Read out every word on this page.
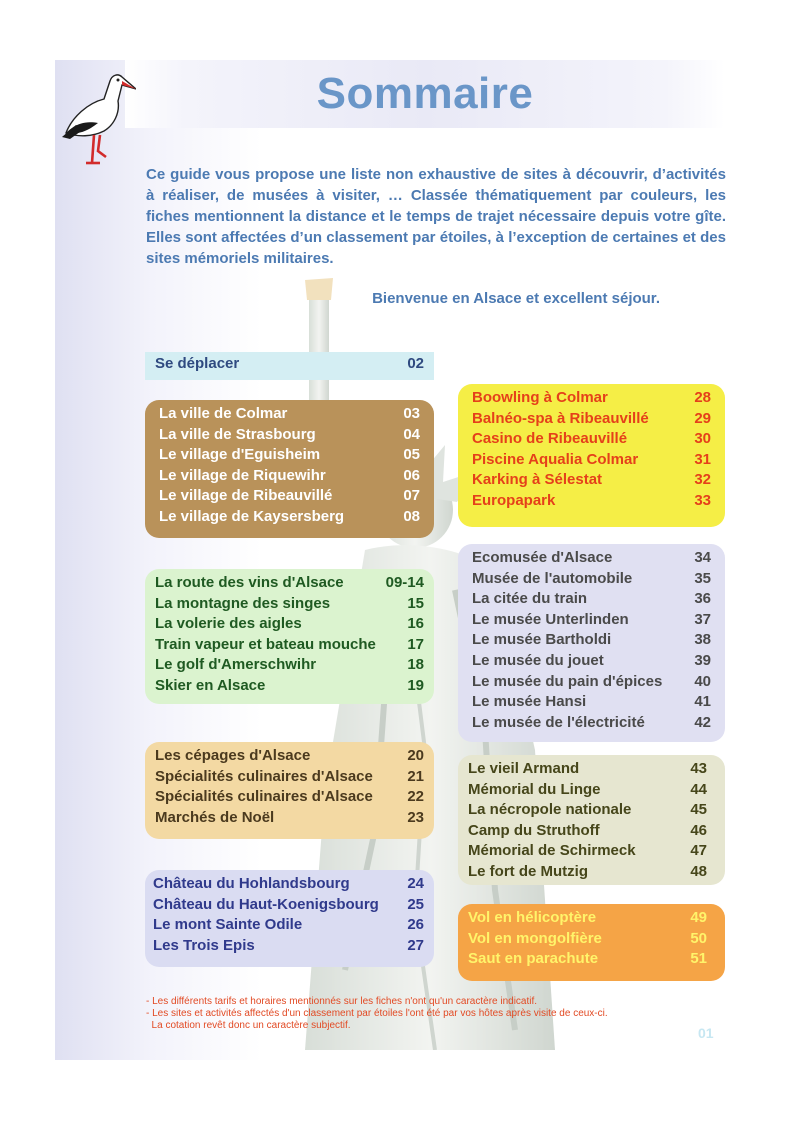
Sommaire

Ce guide vous propose une liste non exhaustive de sites à découvrir, d’activités à réaliser, de musées à visiter, … Classée thématiquement par couleurs, les fiches mentionnent la distance et le temps de trajet nécessaire depuis votre gîte. Elles sont affectées d’un classement par étoiles, à l’exception de certaines et des sites mémoriels militaires.

Bienvenue en Alsace et excellent séjour.

Se déplacer	02
La ville de Colmar	03
La ville de Strasbourg	04
Le village d'Eguisheim	05
Le village de Riquewihr	06
Le village de Ribeauvillé	07
Le village de Kaysersberg	08
La route des vins d'Alsace	09-14
La montagne des singes	15
La volerie des aigles	16
Train vapeur et bateau mouche 17
Le golf d'Amerschwihr	18
Skier en Alsace	19
Les cépages d'Alsace	20
Spécialités culinaires d'Alsace 21
Spécialités culinaires d'Alsace 22
Marchés de Noël	23
Château du Hohlandsbourg	24
Château du Haut-Koenigsbourg 25
Le mont Sainte Odile	26
Les Trois Epis	27
Boowling à Colmar	28
Balnéo-spa à Ribeauvillé	29
Casino de Ribeauvillé	30
Piscine Aqualia Colmar	31
Karking à Sélestat	32
Europapark	33
Ecomusée d'Alsace	34
Musée de l'automobile	35
La citée du train	36
Le musée Unterlinden	37
Le musée Bartholdi	38
Le musée du jouet	39
Le musée du pain d'épices 40
Le musée Hansi	41
Le musée de l'électricité	42
Le vieil Armand	43
Mémorial du Linge	44
La nécropole nationale	45
Camp du Struthoff	46
Mémorial de Schirmeck	47
Le fort de Mutzig	48
Vol en hélicoptère	49
Vol en mongolfière	50
Saut en parachute	51
- Les différents tarifs et horaires mentionnés sur les fiches n'ont qu'un caractère indicatif.
- Les sites et activités affectés d'un classement par étoiles l'ont été par vos hôtes après visite de ceux-ci.
La cotation revêt donc un caractère subjectif.	01
